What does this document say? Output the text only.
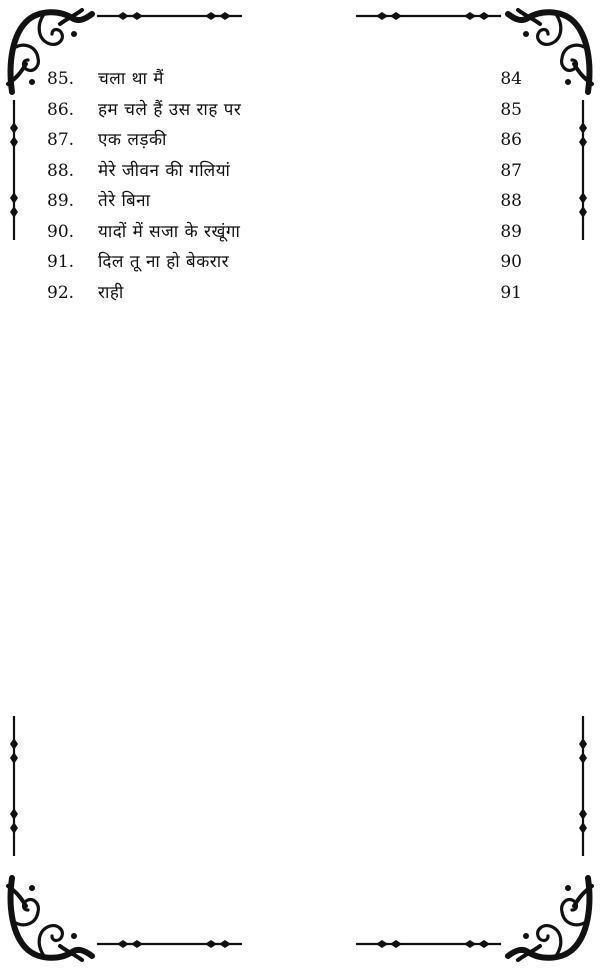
85.	चला था मैं	84
86.	हम चले हैं उस राह पर	85
87.	एक लड़की	86
88.	मेरे जीवन की गलियां	87
89.	तेरे बिना	88
90.	यादों में सजा के रखूंगा	89
91.	दिल तू ना हो बेकरार	90
92.	राही	91
